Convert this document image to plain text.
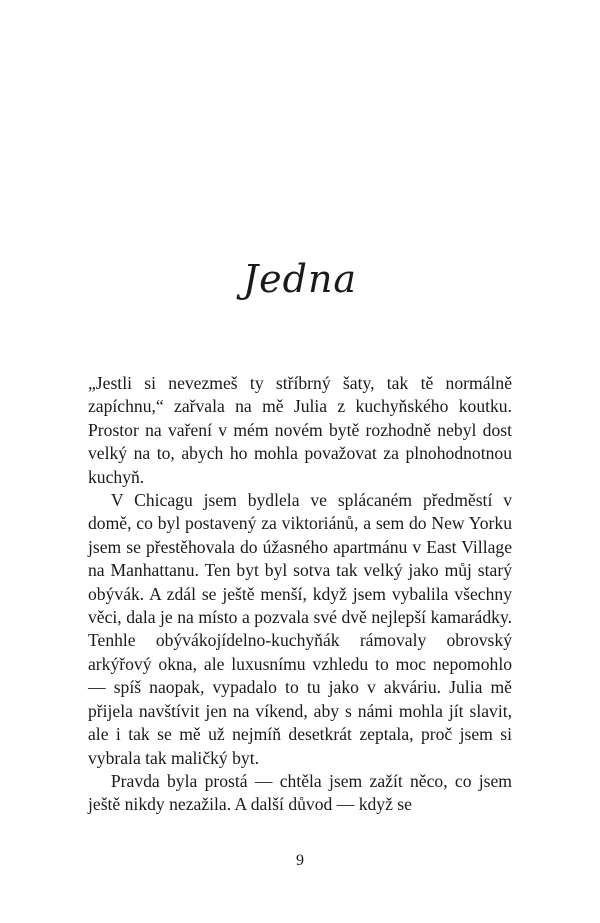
Jedna

„Jestli si nevezmeš ty stříbrný šaty, tak tě normálně zapíchnu,“ zařvala na mě Julia z kuchyňského koutku. Prostor na vaření v mém novém bytě rozhodně nebyl dost velký na to, abych ho mohla považovat za plnohodnotnou kuchyň.

V Chicagu jsem bydlela ve splácaném předměstí v domě, co byl postavený za viktoriánů, a sem do New Yorku jsem se přestěhovala do úžasného apartmánu v East Village na Manhattanu. Ten byt byl sotva tak velký jako můj starý obývák. A zdál se ještě menší, když jsem vybalila všechny věci, dala je na místo a pozvala své dvě nejlepší kamarádky. Tenhle obývákojídelno-kuchyňák rámovaly obrovský arkýřový okna, ale luxusnímu vzhledu to moc nepomohlo — spíš naopak, vypadalo to tu jako v akváriu. Julia mě přijela navštívit jen na víkend, aby s námi mohla jít slavit, ale i tak se mě už nejmíň desetkrát zeptala, proč jsem si vybrala tak maličký byt.

Pravda byla prostá — chtěla jsem zažít něco, co jsem ještě nikdy nezažila. A další důvod — když se

9
